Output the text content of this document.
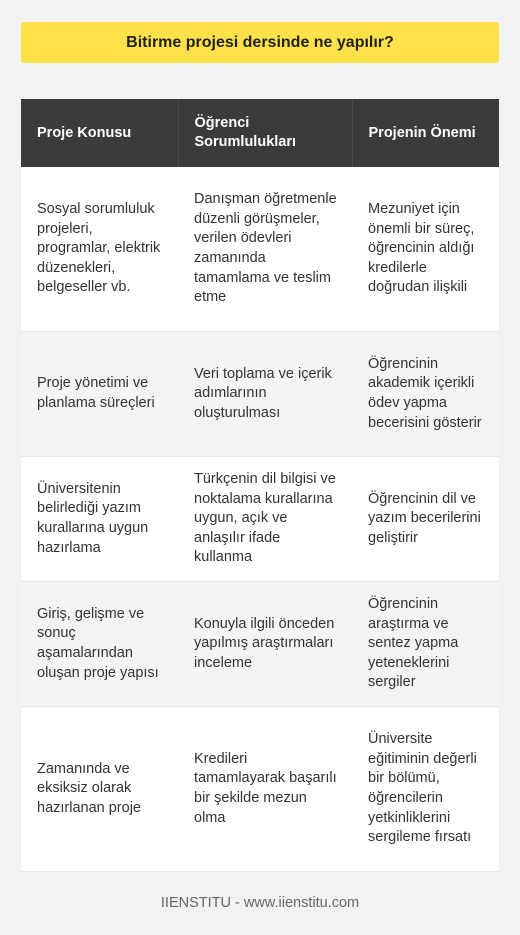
Bitirme projesi dersinde ne yapılır?
Proje Konusu	Öğrenci Sorumlulukları	Projenin Önemi
Sosyal sorumluluk projeleri, programlar, elektrik düzenekleri, belgeseller vb.	Danışman öğretmenle düzenli görüşmeler, verilen ödevleri zamanında tamamlama ve teslim etme	Mezuniyet için önemli bir süreç, öğrencinin aldığı kredilerle doğrudan ilişkili
Proje yönetimi ve planlama süreçleri	Veri toplama ve içerik adımlarının oluşturulması	Öğrencinin akademik içerikli ödev yapma becerisini gösterir
Üniversitenin belirlediği yazım kurallarına uygun hazırlama	Türkçenin dil bilgisi ve noktalama kurallarına uygun, açık ve anlaşılır ifade kullanma	Öğrencinin dil ve yazım becerilerini geliştirir
Giriş, gelişme ve sonuç aşamalarından oluşan proje yapısı	Konuyla ilgili önceden yapılmış araştırmaları inceleme	Öğrencinin araştırma ve sentez yapma yeteneklerini sergiler
Zamanında ve eksiksiz olarak hazırlanan proje	Kredileri tamamlayarak başarılı bir şekilde mezun olma	Üniversite eğitiminin değerli bir bölümü, öğrencilerin yetkinliklerini sergileme fırsatı
IIENSTITU - www.iienstitu.com
